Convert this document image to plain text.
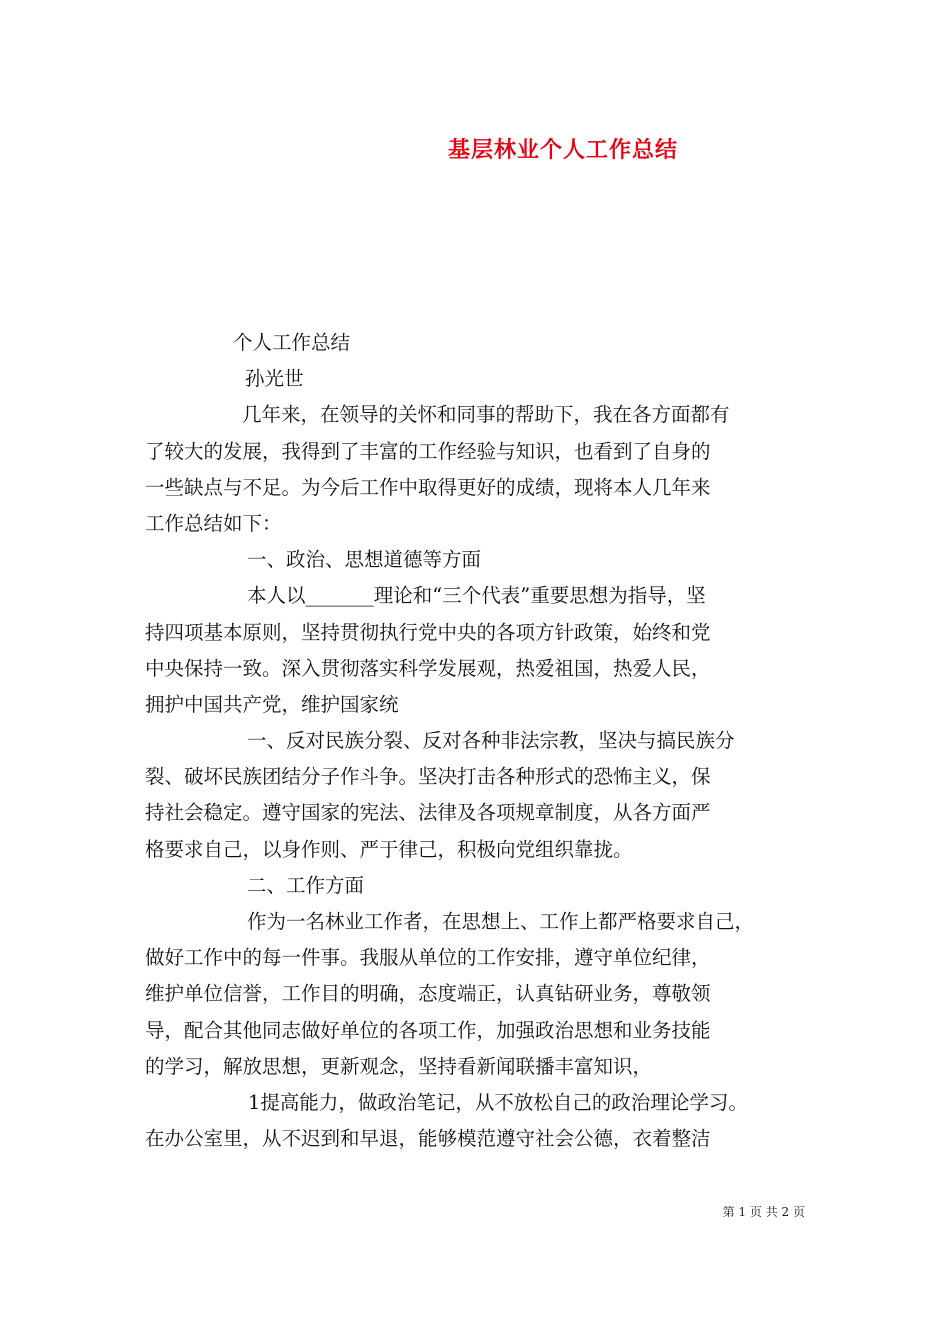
基层林业个人工作总结
个人工作总结
孙光世
几年来，在领导的关怀和同事的帮助下，我在各方面都有
了较大的发展，我得到了丰富的工作经验与知识，也看到了自身的
一些缺点与不足。为今后工作中取得更好的成绩，现将本人几年来
工作总结如下：
一、政治、思想道德等方面
本人以_______理论和“三个代表”重要思想为指导，坚
持四项基本原则，坚持贯彻执行党中央的各项方针政策，始终和党
中央保持一致。深入贯彻落实科学发展观，热爱祖国，热爱人民，
拥护中国共产党，维护国家统
一、反对民族分裂、反对各种非法宗教，坚决与搞民族分
裂、破坏民族团结分子作斗争。坚决打击各种形式的恐怖主义，保
持社会稳定。遵守国家的宪法、法律及各项规章制度，从各方面严
格要求自己，以身作则、严于律己，积极向党组织靠拢。
二、工作方面
作为一名林业工作者，在思想上、工作上都严格要求自己，
做好工作中的每一件事。我服从单位的工作安排，遵守单位纪律，
维护单位信誉，工作目的明确，态度端正，认真钻研业务，尊敬领
导，配合其他同志做好单位的各项工作，加强政治思想和业务技能
的学习，解放思想，更新观念，坚持看新闻联播丰富知识，
1提高能力，做政治笔记，从不放松自己的政治理论学习。
在办公室里，从不迟到和早退，能够模范遵守社会公德，衣着整洁
第 1 页 共 2 页
